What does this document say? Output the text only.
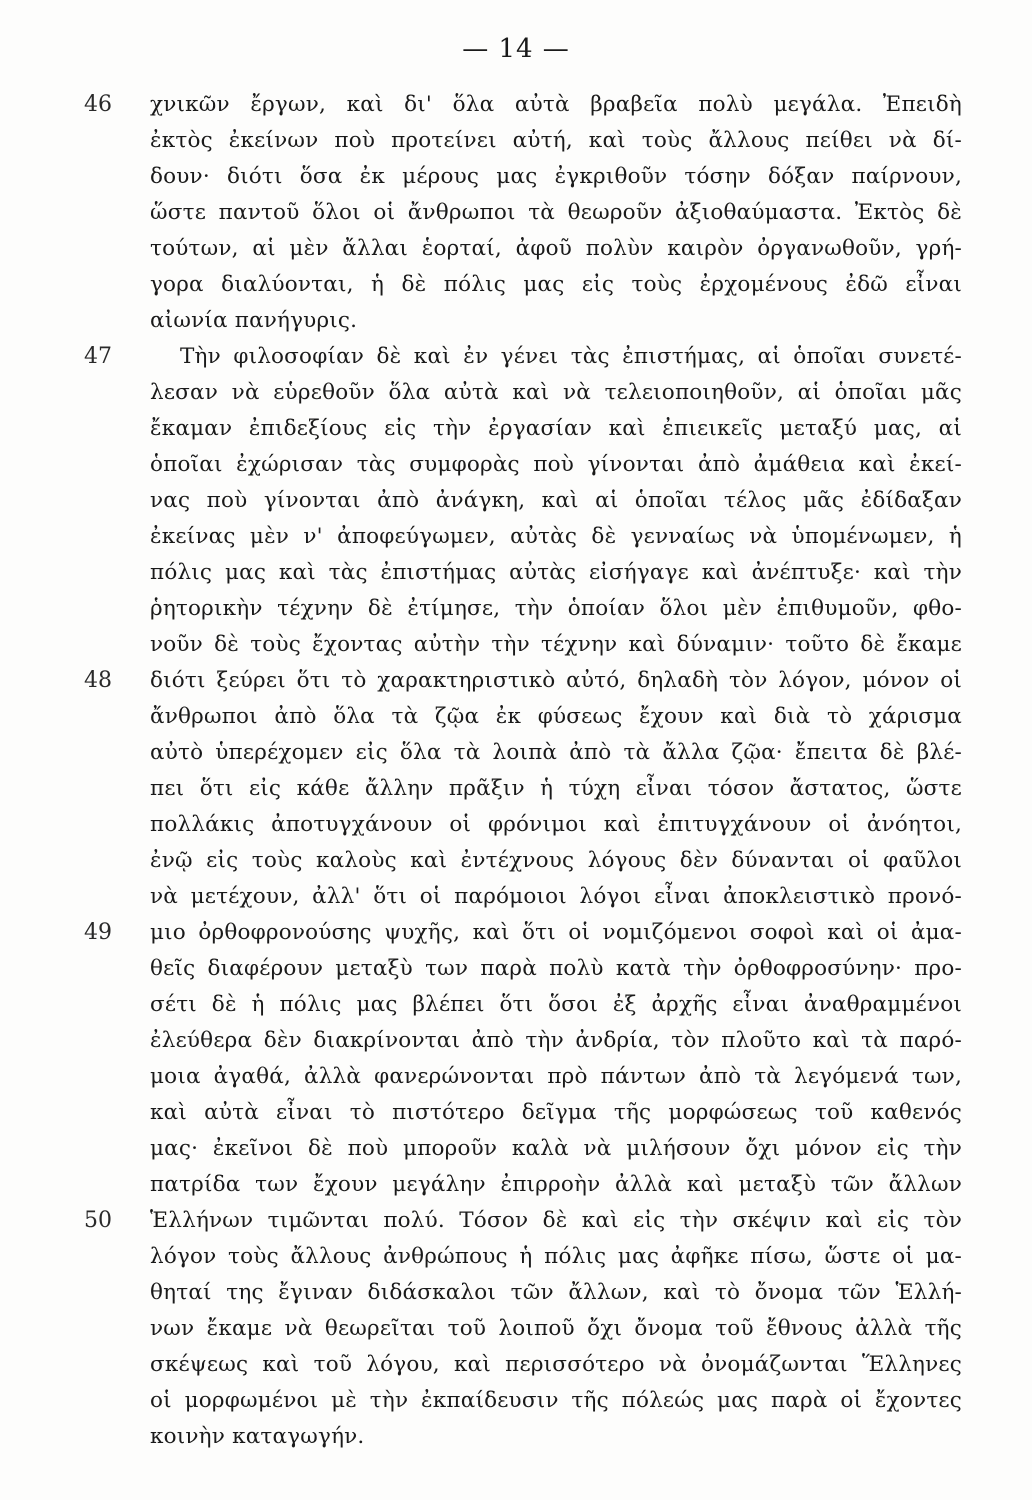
— 14 —
46
47
48
49
50
χνικῶν ἔργων, καὶ δι' ὅλα αὐτὰ βραβεῖα πολὺ μεγάλα. Ἐπειδὴ
ἐκτὸς ἐκείνων ποὺ προτείνει αὐτή, καὶ τοὺς ἄλλους πείθει νὰ δί-
δουν· διότι ὅσα ἐκ μέρους μας ἐγκριθοῦν τόσην δόξαν παίρνουν,
ὥστε παντοῦ ὅλοι οἱ ἄνθρωποι τὰ θεωροῦν ἀξιοθαύμαστα. Ἐκτὸς δὲ
τούτων, αἱ μὲν ἄλλαι ἑορταί, ἀφοῦ πολὺν καιρὸν ὀργανωθοῦν, γρή-
γορα διαλύονται, ἡ δὲ πόλις μας εἰς τοὺς ἐρχομένους ἐδῶ εἶναι
αἰωνία πανήγυρις.
Τὴν φιλοσοφίαν δὲ καὶ ἐν γένει τὰς ἐπιστήμας, αἱ ὁποῖαι συνετέ-
λεσαν νὰ εὑρεθοῦν ὅλα αὐτὰ καὶ νὰ τελειοποιηθοῦν, αἱ ὁποῖαι μᾶς
ἔκαμαν ἐπιδεξίους εἰς τὴν ἐργασίαν καὶ ἐπιεικεῖς μεταξύ μας, αἱ
ὁποῖαι ἐχώρισαν τὰς συμφορὰς ποὺ γίνονται ἀπὸ ἀμάθεια καὶ ἐκεί-
νας ποὺ γίνονται ἀπὸ ἀνάγκη, καὶ αἱ ὁποῖαι τέλος μᾶς ἐδίδαξαν
ἐκείνας μὲν ν' ἀποφεύγωμεν, αὐτὰς δὲ γενναίως νὰ ὑπομένωμεν, ἡ
πόλις μας καὶ τὰς ἐπιστήμας αὐτὰς εἰσήγαγε καὶ ἀνέπτυξε· καὶ τὴν
ῥητορικὴν τέχνην δὲ ἐτίμησε, τὴν ὁποίαν ὅλοι μὲν ἐπιθυμοῦν, φθο-
νοῦν δὲ τοὺς ἔχοντας αὐτὴν τὴν τέχνην καὶ δύναμιν· τοῦτο δὲ ἔκαμε
διότι ξεύρει ὅτι τὸ χαρακτηριστικὸ αὐτό, δηλαδὴ τὸν λόγον, μόνον οἱ
ἄνθρωποι ἀπὸ ὅλα τὰ ζῷα ἐκ φύσεως ἔχουν καὶ διὰ τὸ χάρισμα
αὐτὸ ὑπερέχομεν εἰς ὅλα τὰ λοιπὰ ἀπὸ τὰ ἄλλα ζῷα· ἔπειτα δὲ βλέ-
πει ὅτι εἰς κάθε ἄλλην πρᾶξιν ἡ τύχη εἶναι τόσον ἄστατος, ὥστε
πολλάκις ἀποτυγχάνουν οἱ φρόνιμοι καὶ ἐπιτυγχάνουν οἱ ἀνόητοι,
ἐνῷ εἰς τοὺς καλοὺς καὶ ἐντέχνους λόγους δὲν δύνανται οἱ φαῦλοι
νὰ μετέχουν, ἀλλ' ὅτι οἱ παρόμοιοι λόγοι εἶναι ἀποκλειστικὸ προνό-
μιο ὀρθοφρονούσης ψυχῆς, καὶ ὅτι οἱ νομιζόμενοι σοφοὶ καὶ οἱ ἀμα-
θεῖς διαφέρουν μεταξὺ των παρὰ πολὺ κατὰ τὴν ὀρθοφροσύνην· προ-
σέτι δὲ ἡ πόλις μας βλέπει ὅτι ὅσοι ἐξ ἀρχῆς εἶναι ἀναθραμμένοι
ἐλεύθερα δὲν διακρίνονται ἀπὸ τὴν ἀνδρία, τὸν πλοῦτο καὶ τὰ παρό-
μοια ἀγαθά, ἀλλὰ φανερώνονται πρὸ πάντων ἀπὸ τὰ λεγόμενά των,
καὶ αὐτὰ εἶναι τὸ πιστότερο δεῖγμα τῆς μορφώσεως τοῦ καθενός
μας· ἐκεῖνοι δὲ ποὺ μποροῦν καλὰ νὰ μιλήσουν ὄχι μόνον εἰς τὴν
πατρίδα των ἔχουν μεγάλην ἐπιρροὴν ἀλλὰ καὶ μεταξὺ τῶν ἄλλων
Ἑλλήνων τιμῶνται πολύ. Τόσον δὲ καὶ εἰς τὴν σκέψιν καὶ εἰς τὸν
λόγον τοὺς ἄλλους ἀνθρώπους ἡ πόλις μας ἀφῆκε πίσω, ὥστε οἱ μα-
θηταί της ἔγιναν διδάσκαλοι τῶν ἄλλων, καὶ τὸ ὄνομα τῶν Ἑλλή-
νων ἔκαμε νὰ θεωρεῖται τοῦ λοιποῦ ὄχι ὄνομα τοῦ ἔθνους ἀλλὰ τῆς
σκέψεως καὶ τοῦ λόγου, καὶ περισσότερο νὰ ὀνομάζωνται Ἕλληνες
οἱ μορφωμένοι μὲ τὴν ἐκπαίδευσιν τῆς πόλεώς μας παρὰ οἱ ἔχοντες
κοινὴν καταγωγήν.
